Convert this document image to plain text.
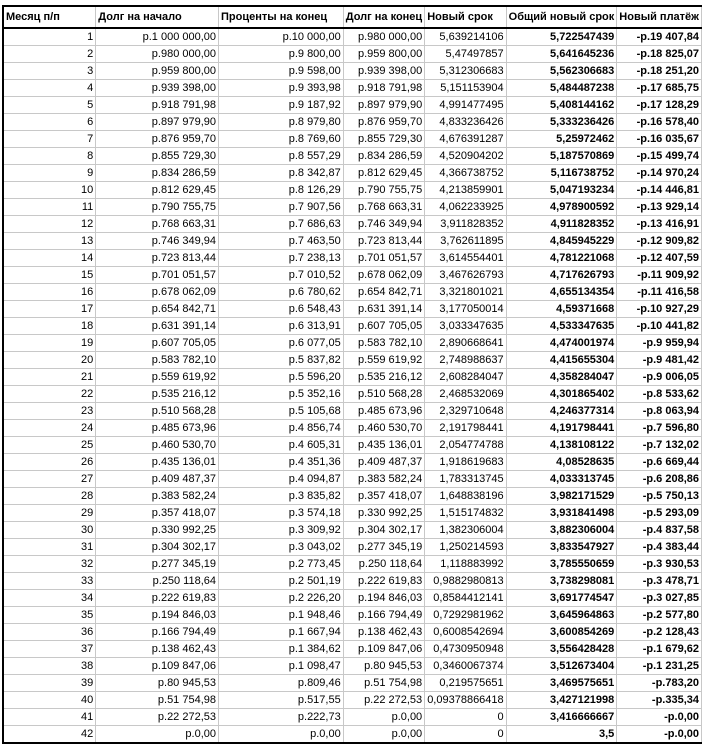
Месяц п/п	Долг на начало	Проценты на конец	Долг на конец	Новый срок	Общий новый срок	Новый платёж
1	р.1 000 000,00	р.10 000,00	р.980 000,00	5,639214106	5,722547439	-р.19 407,84
2	р.980 000,00	р.9 800,00	р.959 800,00	5,47497857	5,641645236	-р.18 825,07
3	р.959 800,00	р.9 598,00	р.939 398,00	5,312306683	5,562306683	-р.18 251,20
4	р.939 398,00	р.9 393,98	р.918 791,98	5,151153904	5,484487238	-р.17 685,75
5	р.918 791,98	р.9 187,92	р.897 979,90	4,991477495	5,408144162	-р.17 128,29
6	р.897 979,90	р.8 979,80	р.876 959,70	4,833236426	5,333236426	-р.16 578,40
7	р.876 959,70	р.8 769,60	р.855 729,30	4,676391287	5,25972462	-р.16 035,67
8	р.855 729,30	р.8 557,29	р.834 286,59	4,520904202	5,187570869	-р.15 499,74
9	р.834 286,59	р.8 342,87	р.812 629,45	4,366738752	5,116738752	-р.14 970,24
10	р.812 629,45	р.8 126,29	р.790 755,75	4,213859901	5,047193234	-р.14 446,81
11	р.790 755,75	р.7 907,56	р.768 663,31	4,062233925	4,978900592	-р.13 929,14
12	р.768 663,31	р.7 686,63	р.746 349,94	3,911828352	4,911828352	-р.13 416,91
13	р.746 349,94	р.7 463,50	р.723 813,44	3,762611895	4,845945229	-р.12 909,82
14	р.723 813,44	р.7 238,13	р.701 051,57	3,614554401	4,781221068	-р.12 407,59
15	р.701 051,57	р.7 010,52	р.678 062,09	3,467626793	4,717626793	-р.11 909,92
16	р.678 062,09	р.6 780,62	р.654 842,71	3,321801021	4,655134354	-р.11 416,58
17	р.654 842,71	р.6 548,43	р.631 391,14	3,177050014	4,59371668	-р.10 927,29
18	р.631 391,14	р.6 313,91	р.607 705,05	3,033347635	4,533347635	-р.10 441,82
19	р.607 705,05	р.6 077,05	р.583 782,10	2,890668641	4,474001974	-р.9 959,94
20	р.583 782,10	р.5 837,82	р.559 619,92	2,748988637	4,415655304	-р.9 481,42
21	р.559 619,92	р.5 596,20	р.535 216,12	2,608284047	4,358284047	-р.9 006,05
22	р.535 216,12	р.5 352,16	р.510 568,28	2,468532069	4,301865402	-р.8 533,62
23	р.510 568,28	р.5 105,68	р.485 673,96	2,329710648	4,246377314	-р.8 063,94
24	р.485 673,96	р.4 856,74	р.460 530,70	2,191798441	4,191798441	-р.7 596,80
25	р.460 530,70	р.4 605,31	р.435 136,01	2,054774788	4,138108122	-р.7 132,02
26	р.435 136,01	р.4 351,36	р.409 487,37	1,918619683	4,08528635	-р.6 669,44
27	р.409 487,37	р.4 094,87	р.383 582,24	1,783313745	4,033313745	-р.6 208,86
28	р.383 582,24	р.3 835,82	р.357 418,07	1,648838196	3,982171529	-р.5 750,13
29	р.357 418,07	р.3 574,18	р.330 992,25	1,515174832	3,931841498	-р.5 293,09
30	р.330 992,25	р.3 309,92	р.304 302,17	1,382306004	3,882306004	-р.4 837,58
31	р.304 302,17	р.3 043,02	р.277 345,19	1,250214593	3,833547927	-р.4 383,44
32	р.277 345,19	р.2 773,45	р.250 118,64	1,118883992	3,785550659	-р.3 930,53
33	р.250 118,64	р.2 501,19	р.222 619,83	0,9882980813	3,738298081	-р.3 478,71
34	р.222 619,83	р.2 226,20	р.194 846,03	0,8584412141	3,691774547	-р.3 027,85
35	р.194 846,03	р.1 948,46	р.166 794,49	0,7292981962	3,645964863	-р.2 577,80
36	р.166 794,49	р.1 667,94	р.138 462,43	0,6008542694	3,600854269	-р.2 128,43
37	р.138 462,43	р.1 384,62	р.109 847,06	0,4730950948	3,556428428	-р.1 679,62
38	р.109 847,06	р.1 098,47	р.80 945,53	0,3460067374	3,512673404	-р.1 231,25
39	р.80 945,53	р.809,46	р.51 754,98	0,219575651	3,469575651	-р.783,20
40	р.51 754,98	р.517,55	р.22 272,53	0,09378866418	3,427121998	-р.335,34
41	р.22 272,53	р.222,73	р.0,00	0	3,416666667	-р.0,00
42	р.0,00	р.0,00	р.0,00	0	3,5	-р.0,00
